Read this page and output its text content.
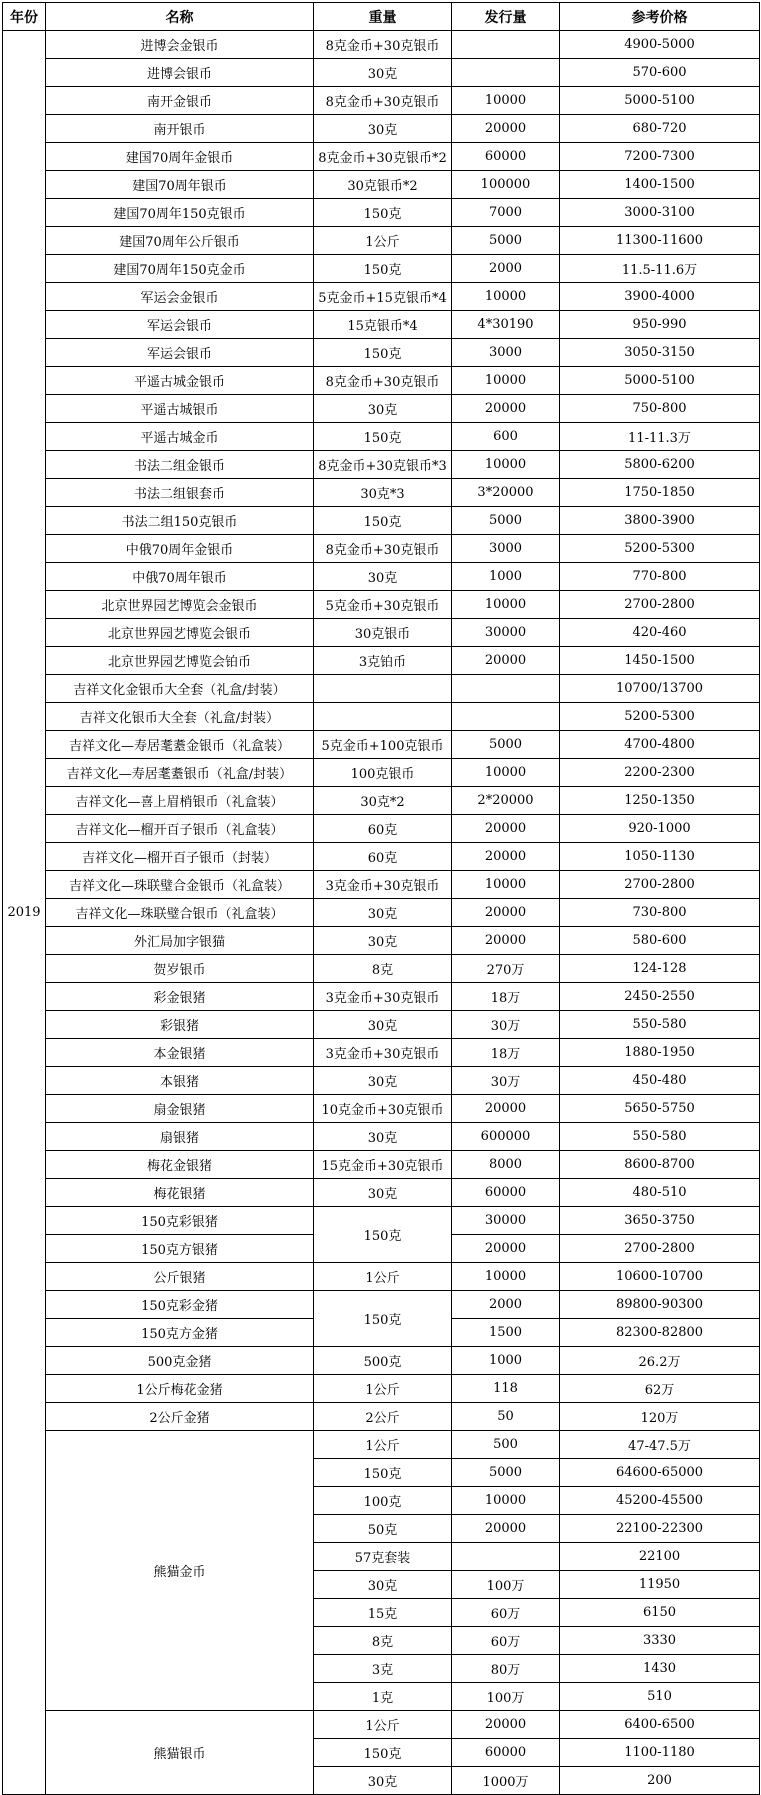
年份	名称	重量	发行量	参考价格
2019	进博会金银币	8克金币+30克银币		4900-5000
	进博会银币	30克		570-600
	南开金银币	8克金币+30克银币	10000	5000-5100
	南开银币	30克	20000	680-720
	建国70周年金银币	8克金币+30克银币*2	60000	7200-7300
	建国70周年银币	30克银币*2	100000	1400-1500
	建国70周年150克银币	150克	7000	3000-3100
	建国70周年公斤银币	1公斤	5000	11300-11600
	建国70周年150克金币	150克	2000	11.5-11.6万
	军运会金银币	5克金币+15克银币*4	10000	3900-4000
	军运会银币	15克银币*4	4*30190	950-990
	军运会银币	150克	3000	3050-3150
	平遥古城金银币	8克金币+30克银币	10000	5000-5100
	平遥古城银币	30克	20000	750-800
	平遥古城金币	150克	600	11-11.3万
	书法二组金银币	8克金币+30克银币*3	10000	5800-6200
	书法二组银套币	30克*3	3*20000	1750-1850
	书法二组150克银币	150克	5000	3800-3900
	中俄70周年金银币	8克金币+30克银币	3000	5200-5300
	中俄70周年银币	30克	1000	770-800
	北京世界园艺博览会金银币	5克金币+30克银币	10000	2700-2800
	北京世界园艺博览会银币	30克银币	30000	420-460
	北京世界园艺博览会铂币	3克铂币	20000	1450-1500
	吉祥文化金银币大全套（礼盒/封装）			10700/13700
	吉祥文化银币大全套（礼盒/封装）			5200-5300
	吉祥文化—寿居耄耋金银币（礼盒装）	5克金币+100克银币	5000	4700-4800
	吉祥文化—寿居耄耋银币（礼盒/封装）	100克银币	10000	2200-2300
	吉祥文化—喜上眉梢银币（礼盒装）	30克*2	2*20000	1250-1350
	吉祥文化—榴开百子银币（礼盒装）	60克	20000	920-1000
	吉祥文化—榴开百子银币（封装）	60克	20000	1050-1130
	吉祥文化—珠联璧合金银币（礼盒装）	3克金币+30克银币	10000	2700-2800
	吉祥文化—珠联璧合银币（礼盒装）	30克	20000	730-800
	外汇局加字银猫	30克	20000	580-600
	贺岁银币	8克	270万	124-128
	彩金银猪	3克金币+30克银币	18万	2450-2550
	彩银猪	30克	30万	550-580
	本金银猪	3克金币+30克银币	18万	1880-1950
	本银猪	30克	30万	450-480
	扇金银猪	10克金币+30克银币	20000	5650-5750
	扇银猪	30克	600000	550-580
	梅花金银猪	15克金币+30克银币	8000	8600-8700
	梅花银猪	30克	60000	480-510
	150克彩银猪	150克	30000	3650-3750
	150克方银猪		20000	2700-2800
	公斤银猪	1公斤	10000	10600-10700
	150克彩金猪	150克	2000	89800-90300
	150克方金猪		1500	82300-82800
	500克金猪	500克	1000	26.2万
	1公斤梅花金猪	1公斤	118	62万
	2公斤金猪	2公斤	50	120万
	熊猫金币	1公斤	500	47-47.5万
		150克	5000	64600-65000
		100克	10000	45200-45500
		50克	20000	22100-22300
		57克套装		22100
		30克	100万	11950
		15克	60万	6150
		8克	60万	3330
		3克	80万	1430
		1克	100万	510
	熊猫银币	1公斤	20000	6400-6500
		150克	60000	1100-1180
		30克	1000万	200
